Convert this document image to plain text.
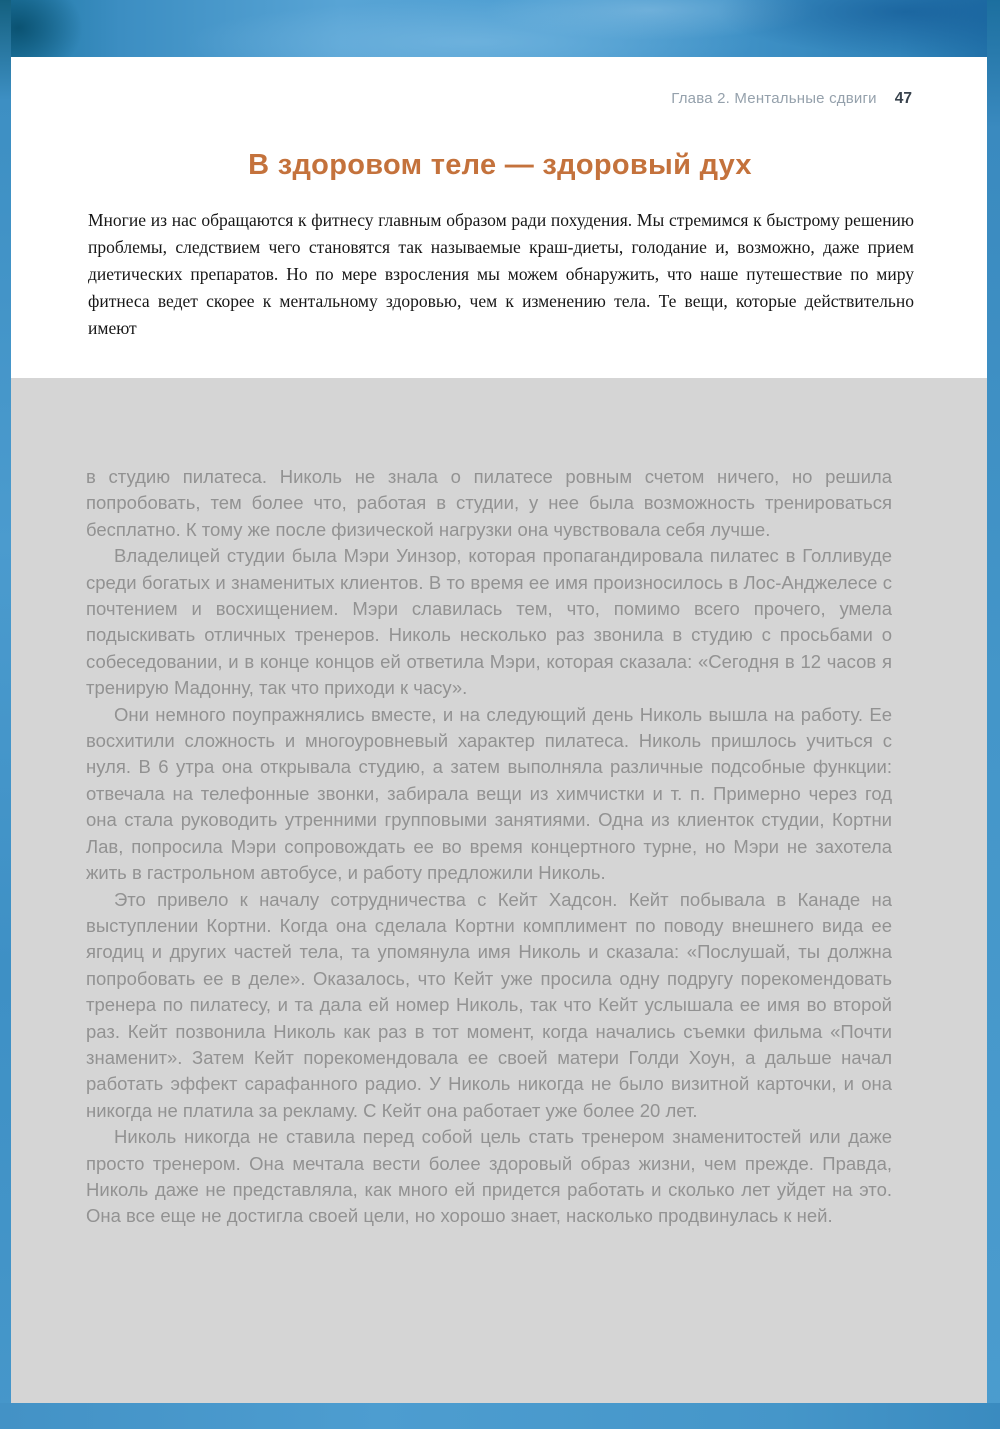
Глава 2. Ментальные сдвиги 47
В здоровом теле — здоровый дух

Многие из нас обращаются к фитнесу главным образом ради похудения. Мы стремимся к быстрому решению проблемы, следствием чего становятся так называемые краш-диеты, голодание и, возможно, даже прием диетических препаратов. Но по мере взросления мы можем обнаружить, что наше путешествие по миру фитнеса ведет скорее к ментальному здоровью, чем к изменению тела. Те вещи, которые действительно имеют

в студию пилатеса. Николь не знала о пилатесе ровным счетом ничего, но решила попробовать, тем более что, работая в студии, у нее была возможность тренироваться бесплатно. К тому же после физической нагрузки она чувствовала себя лучше.

Владелицей студии была Мэри Уинзор, которая пропагандировала пилатес в Голливуде среди богатых и знаменитых клиентов. В то время ее имя произносилось в Лос-Анджелесе с почтением и восхищением. Мэри славилась тем, что, помимо всего прочего, умела подыскивать отличных тренеров. Николь несколько раз звонила в студию с просьбами о собеседовании, и в конце концов ей ответила Мэри, которая сказала: «Сегодня в 12 часов я тренирую Мадонну, так что приходи к часу».

Они немного поупражнялись вместе, и на следующий день Николь вышла на работу. Ее восхитили сложность и многоуровневый характер пилатеса. Николь пришлось учиться с нуля. В 6 утра она открывала студию, а затем выполняла различные подсобные функции: отвечала на телефонные звонки, забирала вещи из химчистки и т. п. Примерно через год она стала руководить утренними групповыми занятиями. Одна из клиенток студии, Кортни Лав, попросила Мэри сопровождать ее во время концертного турне, но Мэри не захотела жить в гастрольном автобусе, и работу предложили Николь.

Это привело к началу сотрудничества с Кейт Хадсон. Кейт побывала в Канаде на выступлении Кортни. Когда она сделала Кортни комплимент по поводу внешнего вида ее ягодиц и других частей тела, та упомянула имя Николь и сказала: «Послушай, ты должна попробовать ее в деле». Оказалось, что Кейт уже просила одну подругу порекомендовать тренера по пилатесу, и та дала ей номер Николь, так что Кейт услышала ее имя во второй раз. Кейт позвонила Николь как раз в тот момент, когда начались съемки фильма «Почти знаменит». Затем Кейт порекомендовала ее своей матери Голди Хоун, а дальше начал работать эффект сарафанного радио. У Николь никогда не было визитной карточки, и она никогда не платила за рекламу. С Кейт она работает уже более 20 лет.

Николь никогда не ставила перед собой цель стать тренером знаменитостей или даже просто тренером. Она мечтала вести более здоровый образ жизни, чем прежде. Правда, Николь даже не представляла, как много ей придется работать и сколько лет уйдет на это. Она все еще не достигла своей цели, но хорошо знает, насколько продвинулась к ней.
